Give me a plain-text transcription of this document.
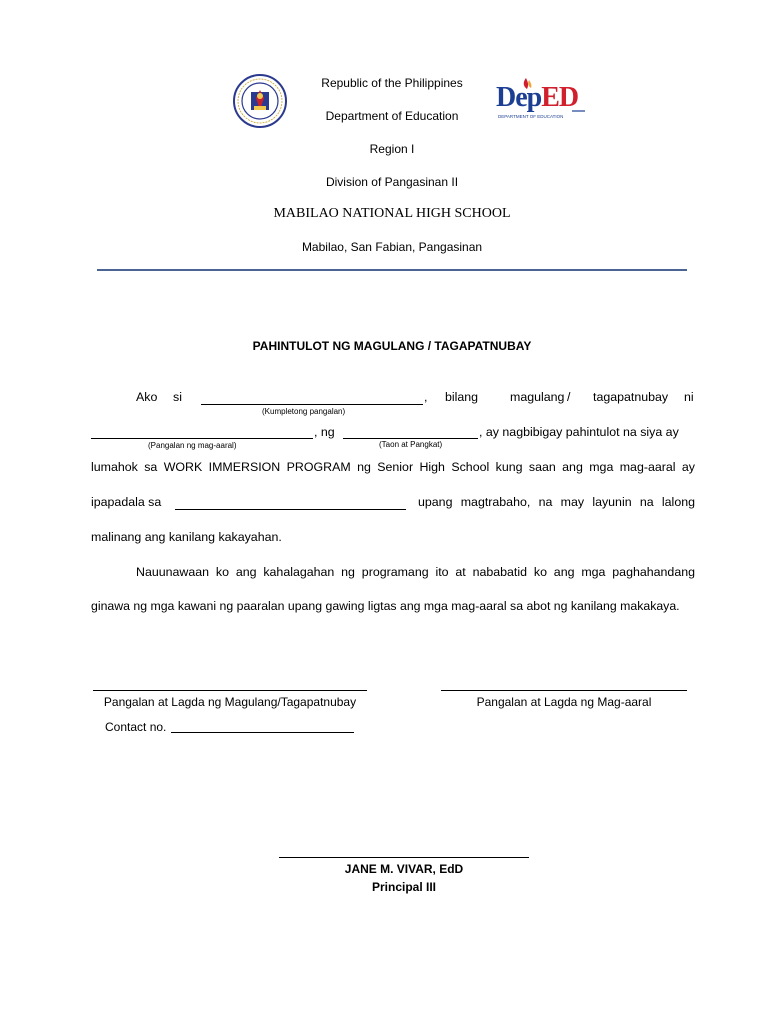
Republic of the Philippines
Department of Education
Region I
Division of Pangasinan II
MABILAO NATIONAL HIGH SCHOOL
Mabilao, San Fabian, Pangasinan
DepED
DEPARTMENT OF EDUCATION
PAHINTULOT NG MAGULANG / TAGAPATNUBAY
Ako si	, bilang	magulang / tagapatnubay ni
(Kumpletong pangalan)
, ng	, ay nagbibigay pahintulot na siya ay
(Pangalan ng mag-aaral)	(Taon at Pangkat)
lumahok sa WORK IMMERSION PROGRAM ng Senior High School kung saan ang mga mag-aaral ay
ipapadala sa	upang magtrabaho, na may layunin na lalong
malinang ang kanilang kakayahan.
Nauunawaan ko ang kahalagahan ng programang ito at nababatid ko ang mga paghahandang
ginawa ng mga kawani ng paaralan upang gawing ligtas ang mga mag-aaral sa abot ng kanilang makakaya.
Pangalan at Lagda ng Magulang/Tagapatnubay	Pangalan at Lagda ng Mag-aaral
Contact no.
JANE M. VIVAR, EdD
Principal III
